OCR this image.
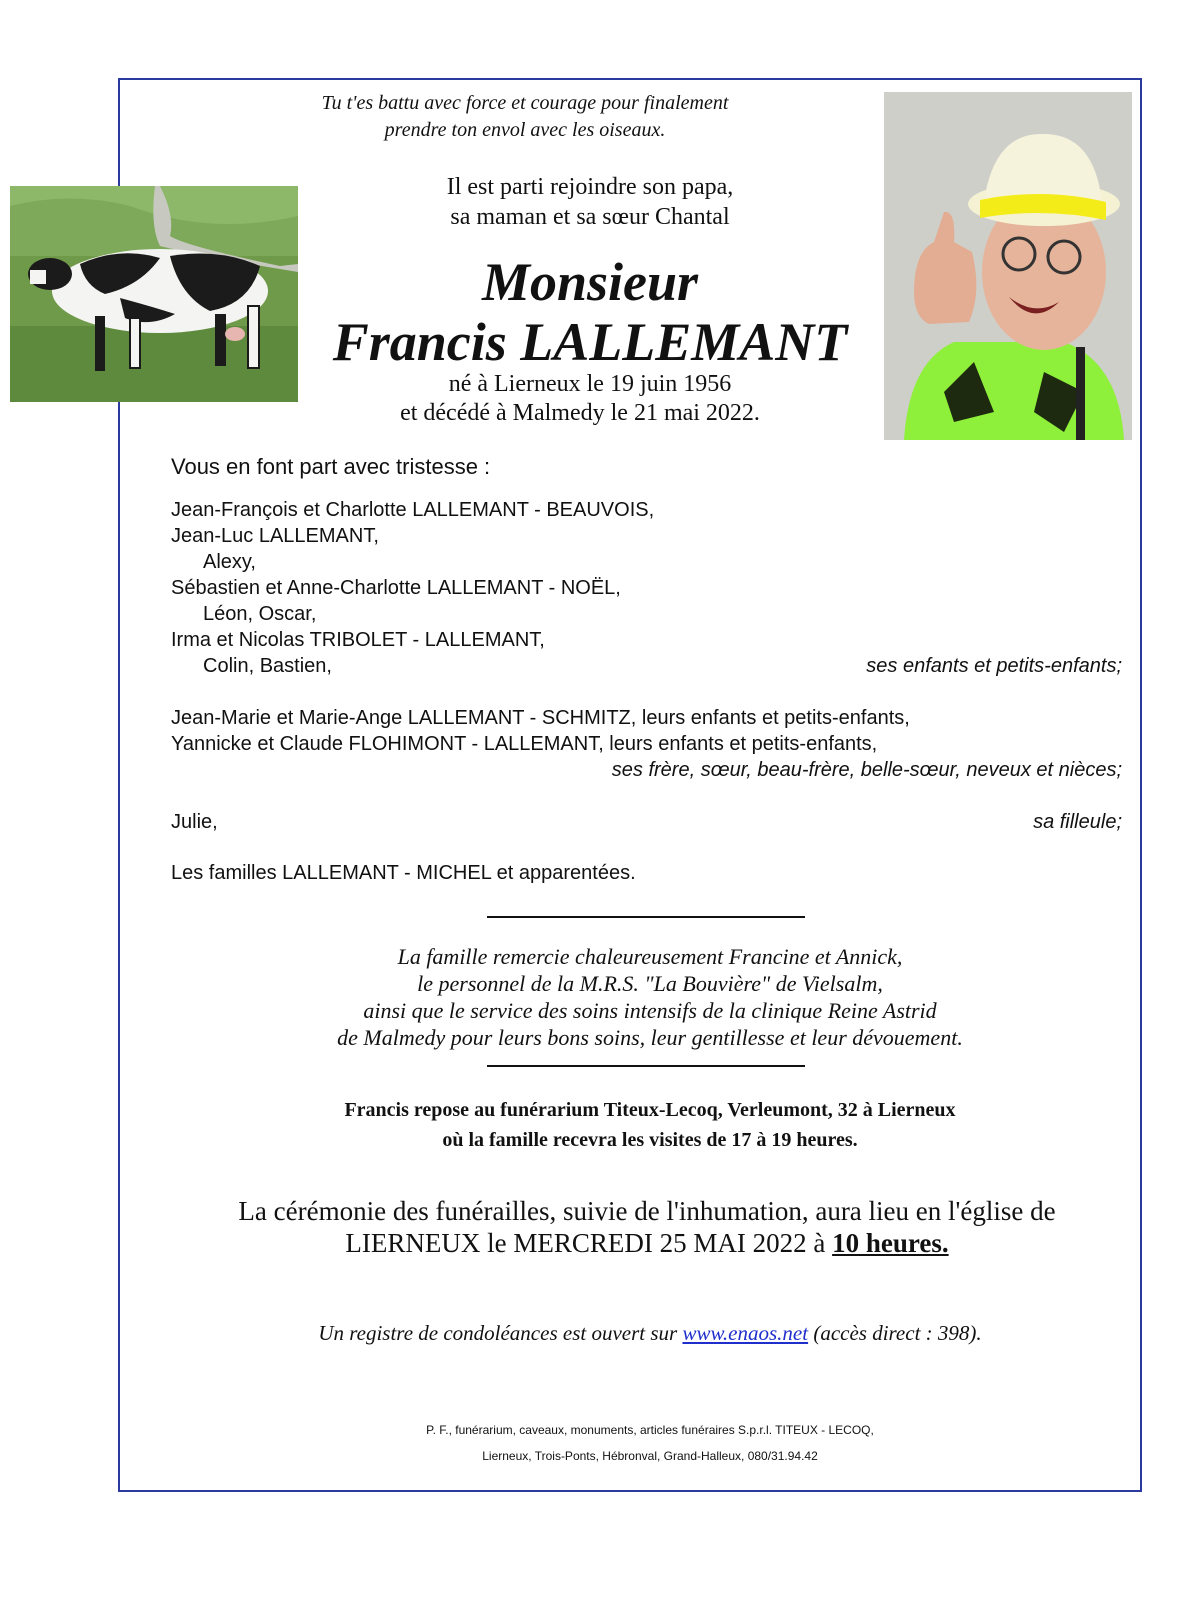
Tu t'es battu avec force et courage pour finalement
prendre ton envol avec les oiseaux.
Il est parti rejoindre son papa,
sa maman et sa sœur Chantal
Monsieur
Francis LALLEMANT
né à Lierneux le 19 juin 1956
et décédé à Malmedy le 21 mai 2022.
Vous en font part avec tristesse :
Jean-François et Charlotte LALLEMANT - BEAUVOIS,
Jean-Luc LALLEMANT,
Alexy,
Sébastien et Anne-Charlotte LALLEMANT - NOËL,
Léon, Oscar,
Irma et Nicolas TRIBOLET - LALLEMANT,
Colin, Bastien,	ses enfants et petits-enfants;
Jean-Marie et Marie-Ange LALLEMANT - SCHMITZ, leurs enfants et petits-enfants,
Yannicke et Claude FLOHIMONT - LALLEMANT, leurs enfants et petits-enfants,
ses frère, sœur, beau-frère, belle-sœur, neveux et nièces;
Julie,	sa filleule;
Les familles LALLEMANT - MICHEL et apparentées.
La famille remercie chaleureusement Francine et Annick,
le personnel de la M.R.S. "La Bouvière" de Vielsalm,
ainsi que le service des soins intensifs de la clinique Reine Astrid
de Malmedy pour leurs bons soins, leur gentillesse et leur dévouement.
Francis repose au funérarium Titeux-Lecoq, Verleumont, 32 à Lierneux
où la famille recevra les visites de 17 à 19 heures.
La cérémonie des funérailles, suivie de l'inhumation, aura lieu en l'église de
LIERNEUX le MERCREDI 25 MAI 2022 à 10 heures.
Un registre de condoléances est ouvert sur www.enaos.net (accès direct : 398).
P. F., funérarium, caveaux, monuments, articles funéraires S.p.r.l. TITEUX - LECOQ,
Lierneux, Trois-Ponts, Hébronval, Grand-Halleux, 080/31.94.42
